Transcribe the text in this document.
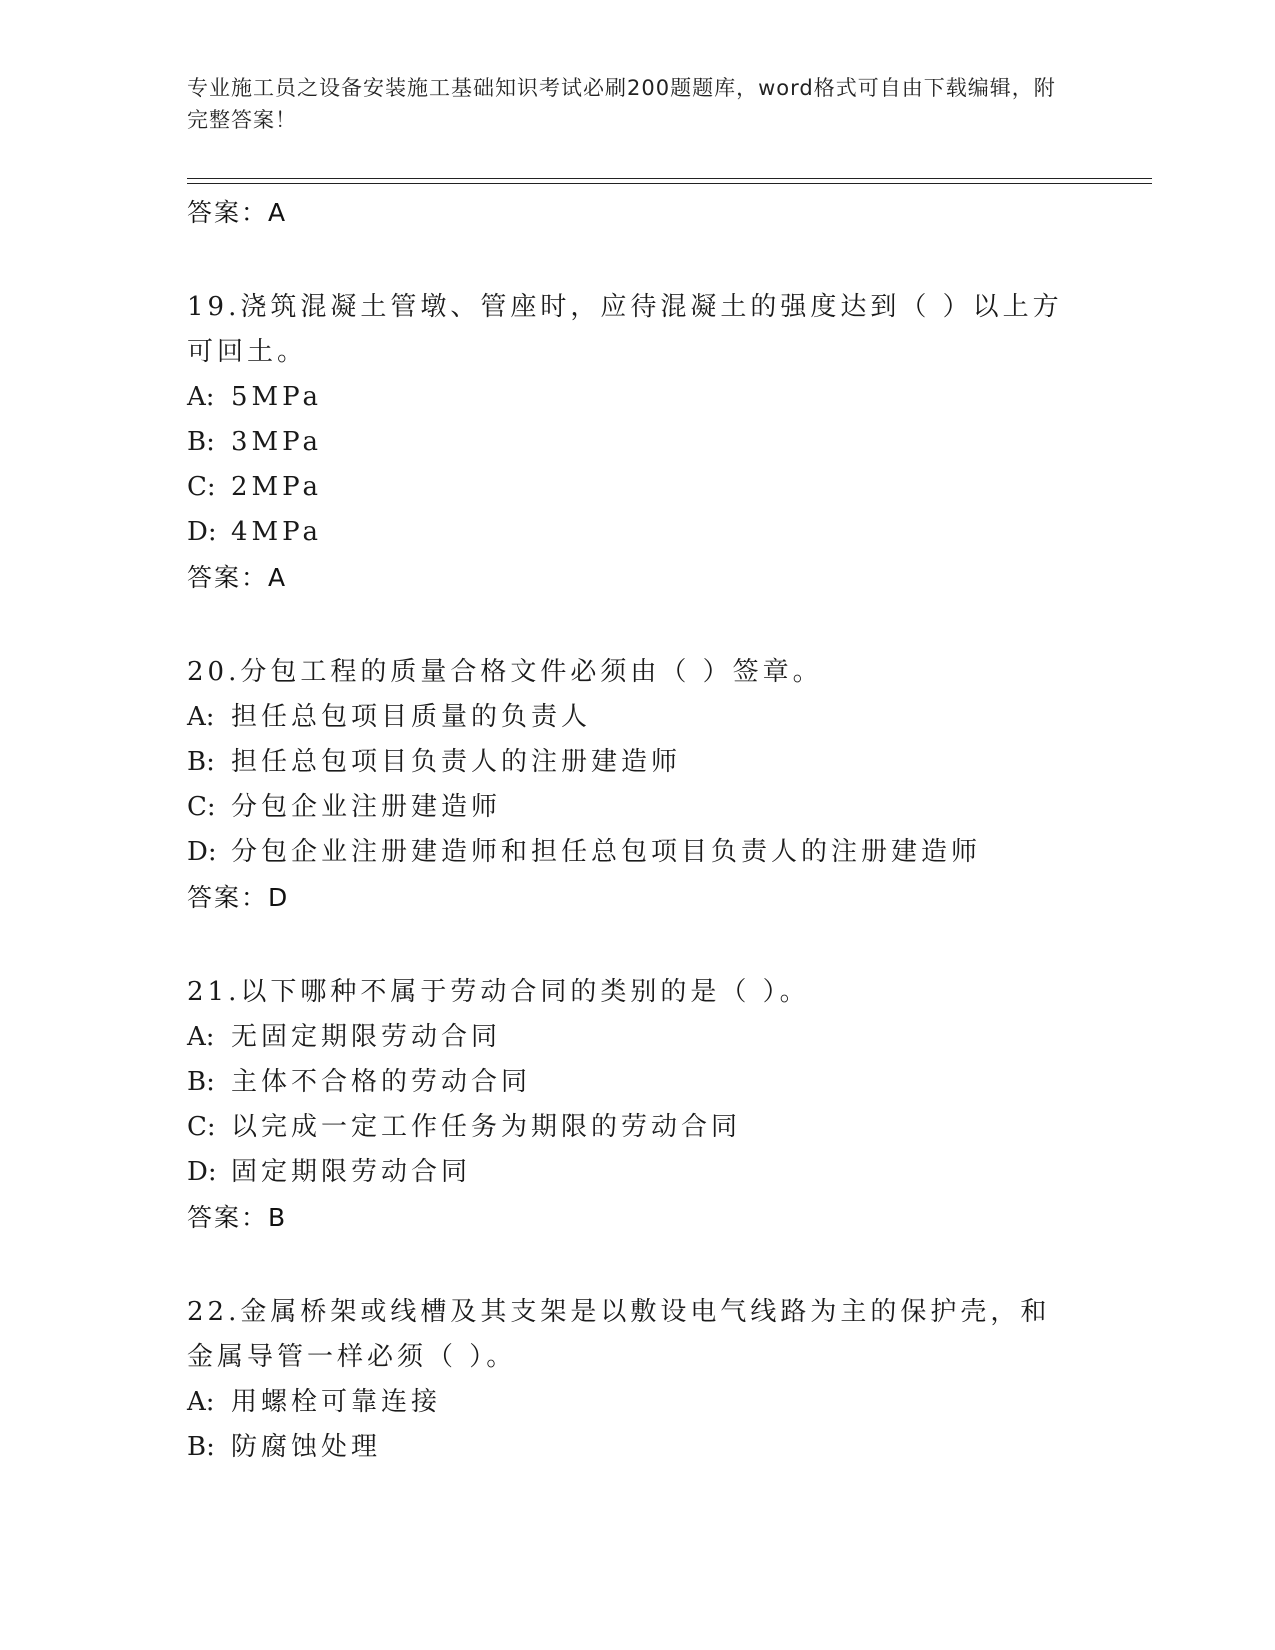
专业施工员之设备安装施工基础知识考试必刷200题题库，word格式可自由下载编辑，附完整答案！
答案：A
19.浇筑混凝土管墩、管座时，应待混凝土的强度达到（ ）以上方可回土。
A: 5MPa
B: 3MPa
C: 2MPa
D: 4MPa
答案：A
20.分包工程的质量合格文件必须由（ ）签章。
A: 担任总包项目质量的负责人
B: 担任总包项目负责人的注册建造师
C: 分包企业注册建造师
D: 分包企业注册建造师和担任总包项目负责人的注册建造师
答案：D
21.以下哪种不属于劳动合同的类别的是（ ）。
A: 无固定期限劳动合同
B: 主体不合格的劳动合同
C: 以完成一定工作任务为期限的劳动合同
D: 固定期限劳动合同
答案：B
22.金属桥架或线槽及其支架是以敷设电气线路为主的保护壳，和金属导管一样必须（ ）。
A: 用螺栓可靠连接
B: 防腐蚀处理
